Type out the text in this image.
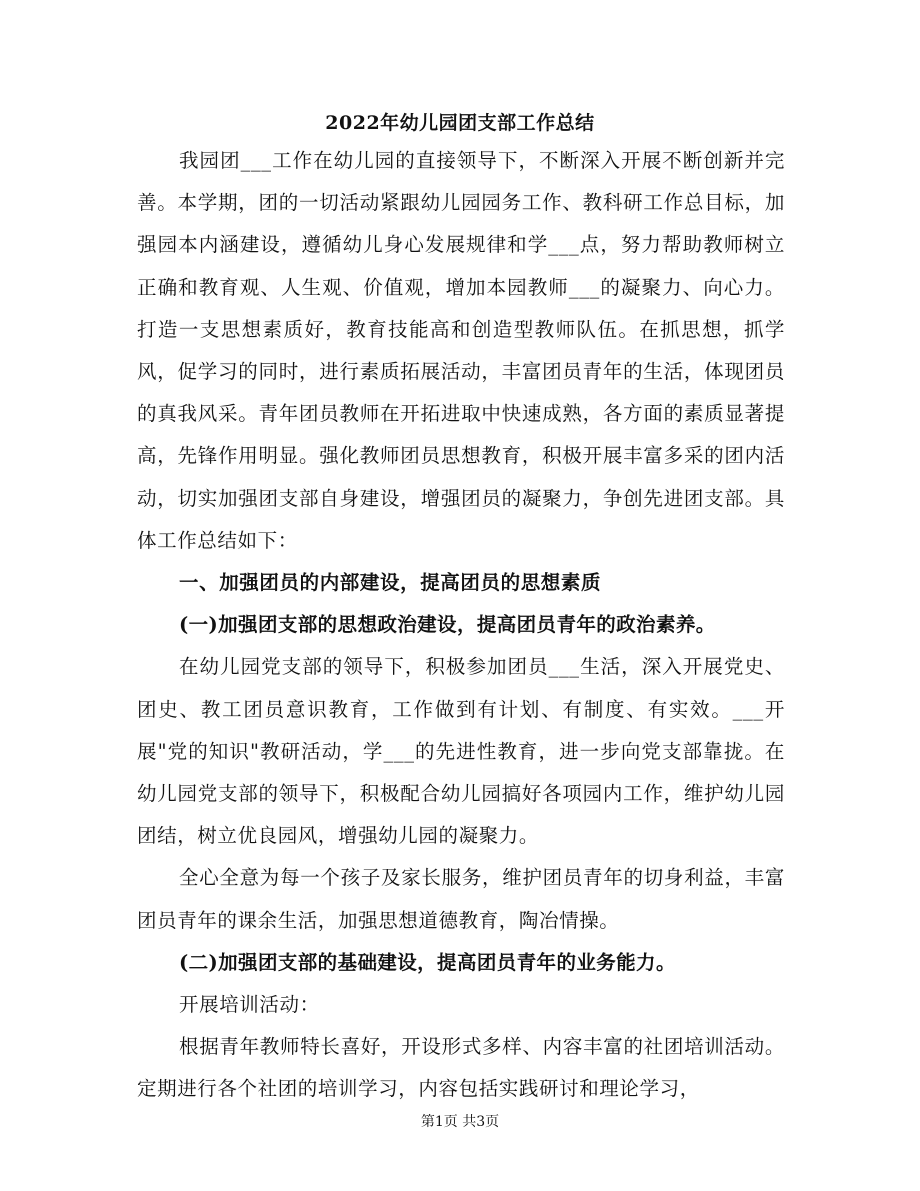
2022年幼儿园团支部工作总结

我园团___工作在幼儿园的直接领导下，不断深入开展不断创新并完善。本学期，团的一切活动紧跟幼儿园园务工作、教科研工作总目标，加强园本内涵建设，遵循幼儿身心发展规律和学___点，努力帮助教师树立正确和教育观、人生观、价值观，增加本园教师___的凝聚力、向心力。打造一支思想素质好，教育技能高和创造型教师队伍。在抓思想，抓学风，促学习的同时，进行素质拓展活动，丰富团员青年的生活，体现团员的真我风采。青年团员教师在开拓进取中快速成熟，各方面的素质显著提高，先锋作用明显。强化教师团员思想教育，积极开展丰富多采的团内活动，切实加强团支部自身建设，增强团员的凝聚力，争创先进团支部。具体工作总结如下：

一、加强团员的内部建设，提高团员的思想素质

(一)加强团支部的思想政治建设，提高团员青年的政治素养。

在幼儿园党支部的领导下，积极参加团员___生活，深入开展党史、团史、教工团员意识教育，工作做到有计划、有制度、有实效。___开展"党的知识"教研活动，学___的先进性教育，进一步向党支部靠拢。在幼儿园党支部的领导下，积极配合幼儿园搞好各项园内工作，维护幼儿园团结，树立优良园风，增强幼儿园的凝聚力。

全心全意为每一个孩子及家长服务，维护团员青年的切身利益，丰富团员青年的课余生活，加强思想道德教育，陶冶情操。

(二)加强团支部的基础建设，提高团员青年的业务能力。

开展培训活动：

根据青年教师特长喜好，开设形式多样、内容丰富的社团培训活动。定期进行各个社团的培训学习，内容包括实践研讨和理论学习，

第1页 共3页
